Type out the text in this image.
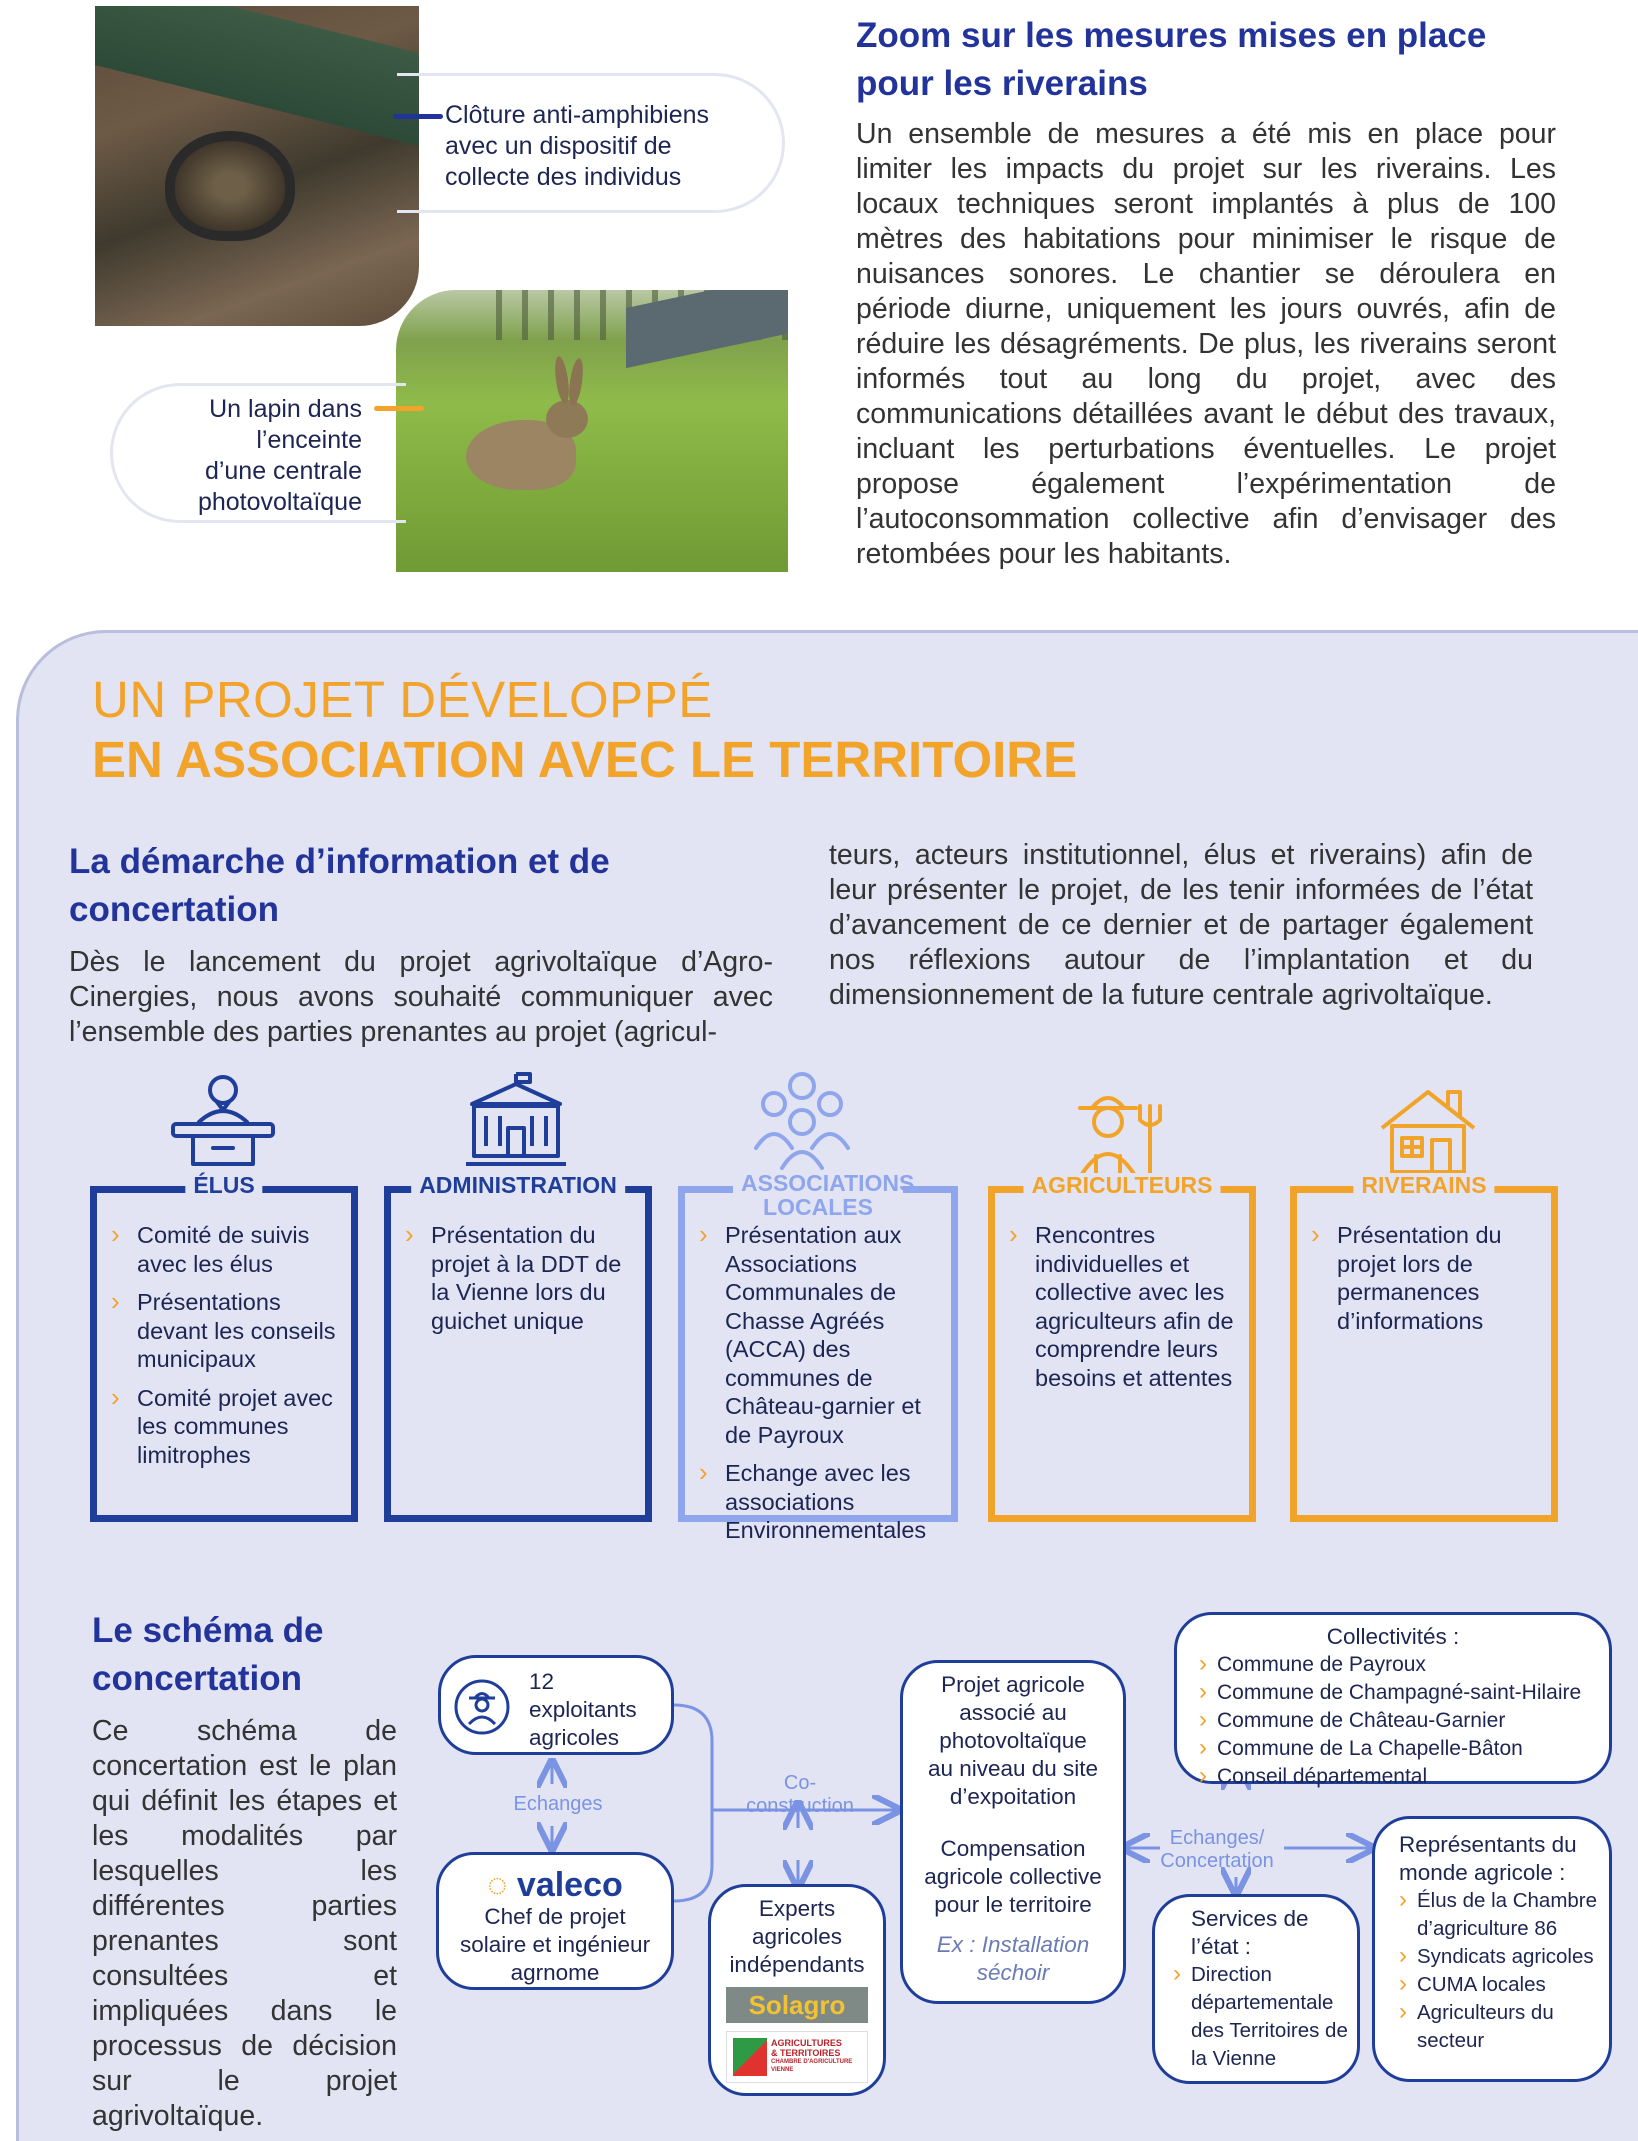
Clôture anti-amphibiens
avec un dispositif de
collecte des individus
Un lapin dans
l’enceinte
d’une centrale
photovoltaïque
Zoom sur les mesures mises en place pour les riverains

Un ensemble de mesures a été mis en place pour limiter les impacts du projet sur les riverains. Les locaux techniques seront implantés à plus de 100 mètres des habitations pour minimiser le risque de nuisances sonores. Le chantier se déroulera en période diurne, uniquement les jours ouvrés, afin de réduire les désagréments. De plus, les riverains seront informés tout au long du projet, avec des communications détaillées avant le début des travaux, incluant les perturbations éventuelles. Le projet propose également l’expérimentation de l’autoconsommation collective afin d’envisager des retombées pour les habitants.

UN PROJET DÉVELOPPÉ
EN ASSOCIATION AVEC LE TERRITOIRE
La démarche d’information et de concertation

Dès le lancement du projet agrivoltaïque d’Agro-Cinergies, nous avons souhaité communiquer avec l’ensemble des parties prenantes au projet (agricul-

teurs, acteurs institutionnel, élus et riverains) afin de leur présenter le projet, de les tenir informées de l’état d’avancement de ce dernier et de partager également nos réflexions autour de l’implantation et du dimensionnement de la future centrale agrivoltaïque.

ÉLUS
› Comité de suivis avec les élus
› Présentations devant les conseils municipaux
› Comité projet avec les communes limitrophes
ADMINISTRATION
› Présentation du projet à la DDT de la Vienne lors du guichet unique
ASSOCIATIONS LOCALES
› Présentation aux Associations Communales de Chasse Agréés (ACCA) des communes de Château-garnier et de Payroux
› Echange avec les associations Environnementales
AGRICULTEURS
› Rencontres individuelles et collective avec les agriculteurs afin de comprendre leurs besoins et attentes
RIVERAINS
› Présentation du projet lors de permanences d’informations
Le schéma de concertation

Ce schéma de concertation est le plan qui définit les étapes et les modalités par lesquelles les différentes parties prenantes sont consultées et impliquées dans le processus de décision sur le projet agrivoltaïque.

12
exploitants
agricoles
Echanges
◌ valeco
Chef de projet
solaire et ingénieur
agrnome
Co-
construction
Experts
agricoles
indépendants
Solagro
AGRICULTURES
& TERRITOIRES
CHAMBRE D'AGRICULTURE
VIENNE
Projet agricole
associé au
photovoltaïque
au niveau du site
d’expoitation
Compensation
agricole collective
pour le territoire
Ex : Installation
séchoir
Collectivités :
› Commune de Payroux
› Commune de Champagné-saint-Hilaire
› Commune de Château-Garnier
› Commune de La Chapelle-Bâton
› Conseil départemental
Echanges/
Concertation
Services de
l’état :
› Direction départementale des Territoires de la Vienne
Représentants du
monde agricole :
› Élus de la Chambre d’agriculture 86
› Syndicats agricoles
› CUMA locales
› Agriculteurs du secteur
